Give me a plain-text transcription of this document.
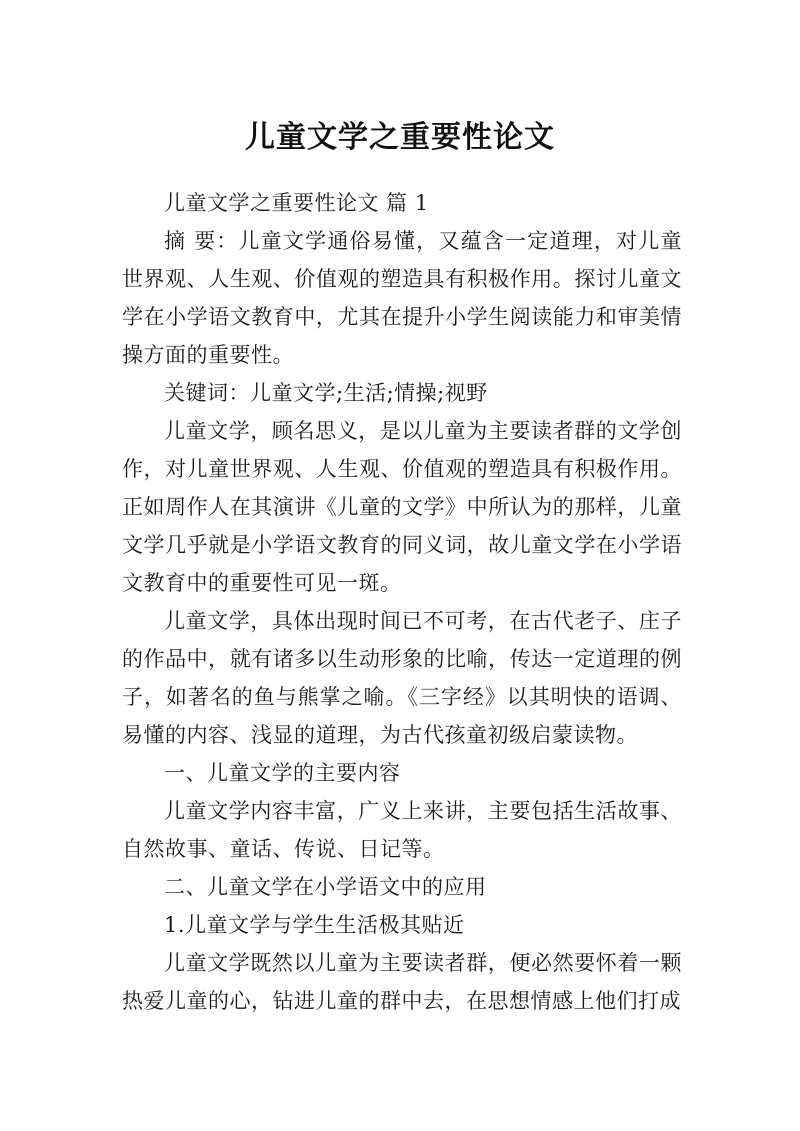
儿童文学之重要性论文

儿童文学之重要性论文 篇 1

摘 要：儿童文学通俗易懂，又蕴含一定道理，对儿童世界观、人生观、价值观的塑造具有积极作用。探讨儿童文学在小学语文教育中，尤其在提升小学生阅读能力和审美情操方面的重要性。

关键词：儿童文学;生活;情操;视野

儿童文学，顾名思义，是以儿童为主要读者群的文学创作，对儿童世界观、人生观、价值观的塑造具有积极作用。正如周作人在其演讲《儿童的文学》中所认为的那样，儿童文学几乎就是小学语文教育的同义词，故儿童文学在小学语文教育中的重要性可见一斑。

儿童文学，具体出现时间已不可考，在古代老子、庄子的作品中，就有诸多以生动形象的比喻，传达一定道理的例子，如著名的鱼与熊掌之喻。《三字经》以其明快的语调、易懂的内容、浅显的道理，为古代孩童初级启蒙读物。

一、儿童文学的主要内容

儿童文学内容丰富，广义上来讲，主要包括生活故事、自然故事、童话、传说、日记等。

二、儿童文学在小学语文中的应用

1.儿童文学与学生生活极其贴近

儿童文学既然以儿童为主要读者群，便必然要怀着一颗热爱儿童的心，钻进儿童的群中去，在思想情感上他们打成
